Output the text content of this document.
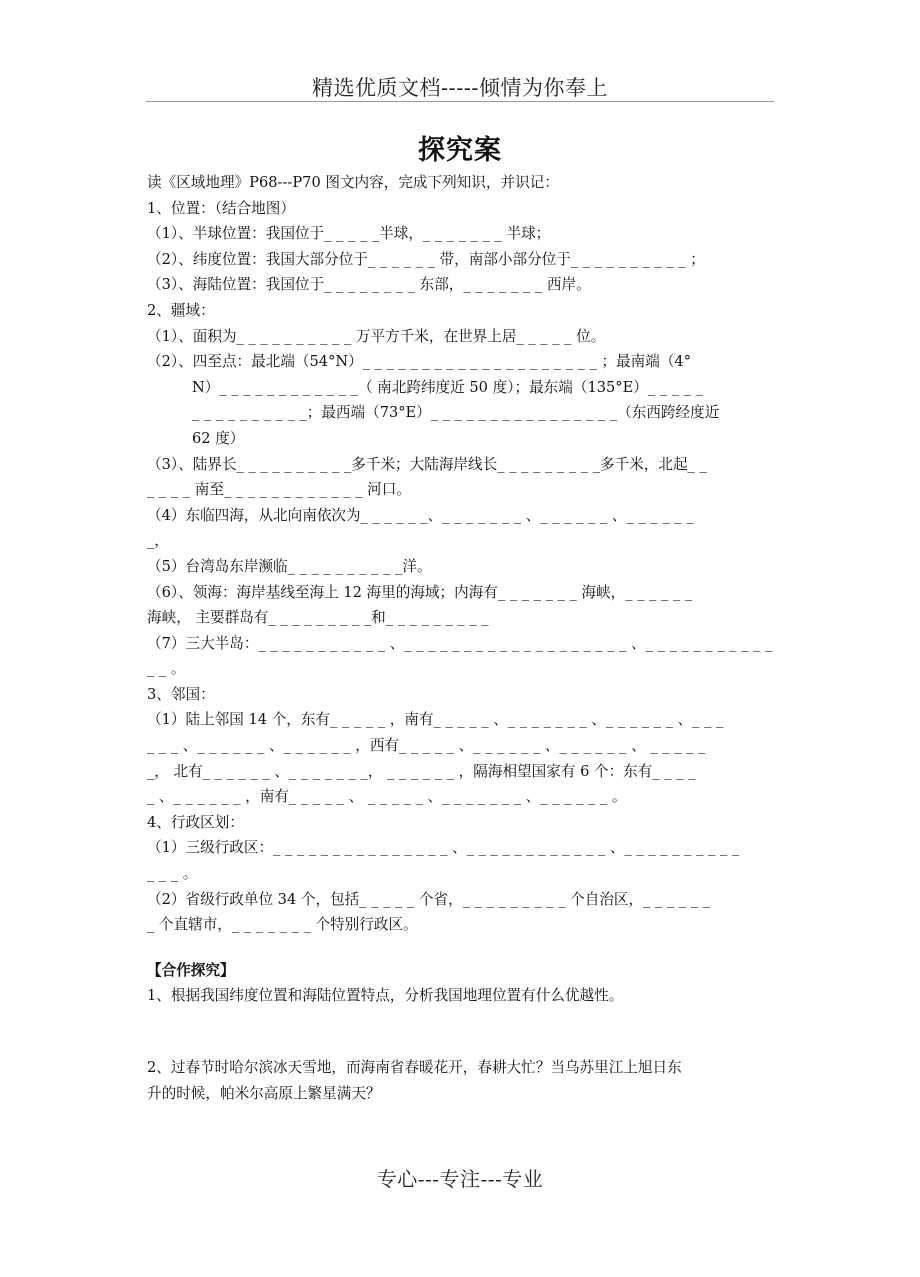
精选优质文档-----倾情为你奉上
探究案
读《区域地理》P68---P70 图文内容，完成下列知识，并识记：
1、位置：（结合地图）
（1）、半球位置：我国位于_ _ _ _ _半球，_ _ _ _ _ _ _ 半球；
（2）、纬度位置：我国大部分位于_ _ _ _ _ _ 带，南部小部分位于_ _ _ _ _ _ _ _ _ _ ；
（3）、海陆位置：我国位于_ _ _ _ _ _ _ _ 东部，_ _ _ _ _ _ _ 西岸。
2、疆域：
（1）、面积为_ _ _ _ _ _ _ _ _ _ 万平方千米，在世界上居_ _ _ _ _ 位。
（2）、四至点：最北端（54°N）_ _ _ _ _ _ _ _ _ _ _ _ _ _ _ _ _ _ _ _ ；最南端（4°
N）_ _ _ _ _ _ _ _ _ _ _ _（ 南北跨纬度近 50 度）；最东端（135°E）_ _ _ _ _
_ _ _ _ _ _ _ _ _ _；最西端（73°E）_ _ _ _ _ _ _ _ _ _ _ _ _ _ _ _（东西跨经度近
62 度）
（3）、陆界长_ _ _ _ _ _ _ _ _ _多千米；大陆海岸线长_ _ _ _ _ _ _ _ _多千米，北起_ _
_ _ _ _ 南至_ _ _ _ _ _ _ _ _ _ _ _ 河口。
（4）东临四海，从北向南依次为_ _ _ _ _ _、_ _ _ _ _ _ _ 、_ _ _ _ _ _ 、_ _ _ _ _ _
_，
（5）台湾岛东岸濒临_ _ _ _ _ _ _ _ _ _洋。
（6）、领海：海岸基线至海上 12 海里的海域；内海有_ _ _ _ _ _ _ 海峡，_ _ _ _ _ _
海峡， 主要群岛有_ _ _ _ _ _ _ _ _和_ _ _ _ _ _ _ _ _
（7）三大半岛：_ _ _ _ _ _ _ _ _ _ _ 、_ _ _ _ _ _ _ _ _ _ _ _ _ _ _ _ _ _ _ 、_ _ _ _ _ _ _ _ _ _ _
_ _ 。
3、邻国：
（1）陆上邻国 14 个，东有_ _ _ _ _ ，南有_ _ _ _ _ 、_ _ _ _ _ _ _ 、_ _ _ _ _ _ 、_ _ _
_ _ _ 、_ _ _ _ _ _ 、_ _ _ _ _ _ ，西有_ _ _ _ _ 、_ _ _ _ _ _ 、_ _ _ _ _ _ 、 _ _ _ _ _
_， 北有_ _ _ _ _ _ 、_ _ _ _ _ _ _， _ _ _ _ _ _ ，隔海相望国家有 6 个：东有_ _ _ _
_ 、_ _ _ _ _ _ ，南有_ _ _ _ _ 、 _ _ _ _ _ 、_ _ _ _ _ _ _ 、_ _ _ _ _ _ 。
4、行政区划：
（1）三级行政区：_ _ _ _ _ _ _ _ _ _ _ _ _ _ _ 、_ _ _ _ _ _ _ _ _ _ _ _ 、_ _ _ _ _ _ _ _ _ _
_ _ _ 。
（2）省级行政单位 34 个，包括_ _ _ _ _ 个省，_ _ _ _ _ _ _ _ _ 个自治区，_ _ _ _ _ _
_ 个直辖市，_ _ _ _ _ _ _ 个特别行政区。
【合作探究】
1、根据我国纬度位置和海陆位置特点，分析我国地理位置有什么优越性。
2、过春节时哈尔滨冰天雪地，而海南省春暖花开，春耕大忙？当乌苏里江上旭日东
升的时候，帕米尔高原上繁星满天？
专心---专注---专业
